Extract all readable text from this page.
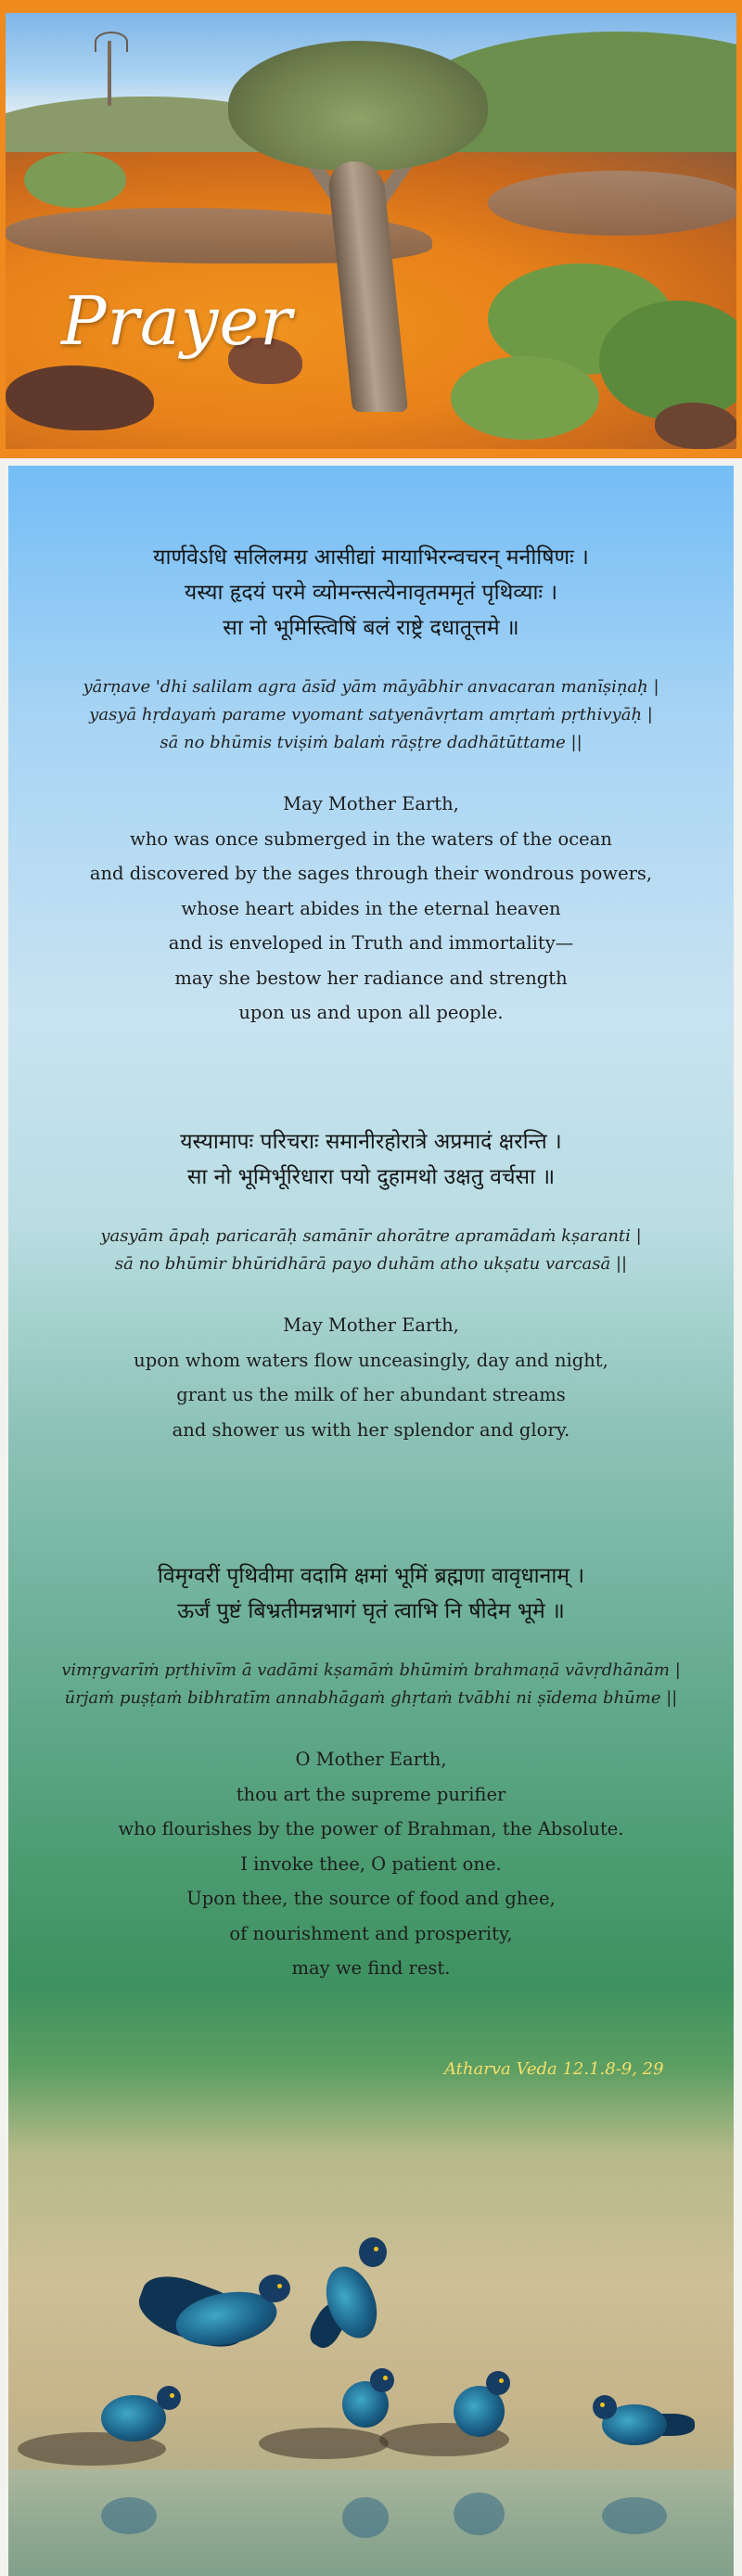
Prayer
यार्णवेऽधि सलिलमग्र आसीद्यां मायाभिरन्वचरन् मनीषिणः ।
यस्या हृदयं परमे व्योमन्त्सत्येनावृतममृतं पृथिव्याः ।
सा नो भूमिस्त्विषिं बलं राष्ट्रे दधातूत्तमे ॥
yārṇave 'dhi salilam agra āsīd yām māyābhir anvacaran manīṣiṇaḥ |
yasyā hṛdayaṁ parame vyomant satyenāvṛtam amṛtaṁ pṛthivyāḥ |
sā no bhūmis tviṣiṁ balaṁ rāṣṭre dadhātūttame ||
May Mother Earth,
who was once submerged in the waters of the ocean
and discovered by the sages through their wondrous powers,
whose heart abides in the eternal heaven
and is enveloped in Truth and immortality—
may she bestow her radiance and strength
upon us and upon all people.
यस्यामापः परिचराः समानीरहोरात्रे अप्रमादं क्षरन्ति ।
सा नो भूमिर्भूरिधारा पयो दुहामथो उक्षतु वर्चसा ॥
yasyām āpaḥ paricarāḥ samānīr ahorātre apramādaṁ kṣaranti |
sā no bhūmir bhūridhārā payo duhām atho ukṣatu varcasā ||
May Mother Earth,
upon whom waters flow unceasingly, day and night,
grant us the milk of her abundant streams
and shower us with her splendor and glory.
विमृग्वरीं पृथिवीमा वदामि क्षमां भूमिं ब्रह्मणा वावृधानाम् ।
ऊर्जं पुष्टं बिभ्रतीमन्नभागं घृतं त्वाभि नि षीदेम भूमे ॥
vimṛgvarīṁ pṛthivīm ā vadāmi kṣamāṁ bhūmiṁ brahmaṇā vāvṛdhānām |
ūrjaṁ puṣṭaṁ bibhratīm annabhāgaṁ ghṛtaṁ tvābhi ni ṣīdema bhūme ||
O Mother Earth,
thou art the supreme purifier
who flourishes by the power of Brahman, the Absolute.
I invoke thee, O patient one.
Upon thee, the source of food and ghee,
of nourishment and prosperity,
may we find rest.
Atharva Veda 12.1.8-9, 29
